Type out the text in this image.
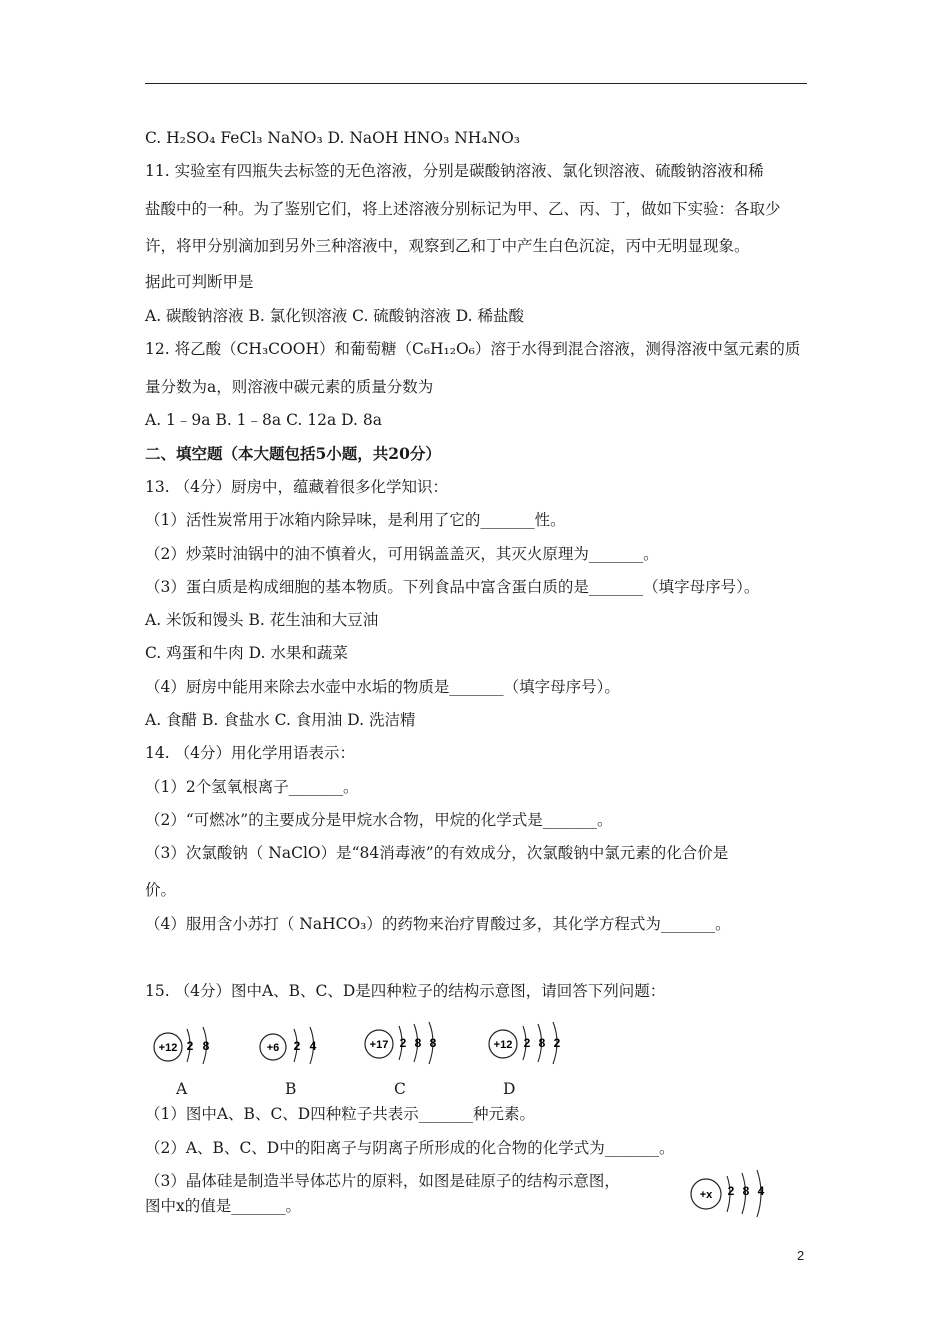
C. H₂SO₄ FeCl₃ NaNO₃ D. NaOH HNO₃ NH₄NO₃
11. 实验室有四瓶失去标签的无色溶液，分别是碳酸钠溶液、氯化钡溶液、硫酸钠溶液和稀
盐酸中的一种。为了鉴别它们，将上述溶液分别标记为甲、乙、丙、丁，做如下实验：各取少
许，将甲分别滴加到另外三种溶液中，观察到乙和丁中产生白色沉淀，丙中无明显现象。
据此可判断甲是
A. 碳酸钠溶液 B. 氯化钡溶液 C. 硫酸钠溶液 D. 稀盐酸
12. 将乙酸（CH₃COOH）和葡萄糖（C₆H₁₂O₆）溶于水得到混合溶液，测得溶液中氢元素的质
量分数为a，则溶液中碳元素的质量分数为
A. 1﹣9a B. 1﹣8a C. 12a D. 8a
二、填空题（本大题包括5小题，共20分）
13. （4分）厨房中，蕴藏着很多化学知识：
（1）活性炭常用于冰箱内除异味，是利用了它的_______性。
（2）炒菜时油锅中的油不慎着火，可用锅盖盖灭，其灭火原理为_______。
（3）蛋白质是构成细胞的基本物质。下列食品中富含蛋白质的是_______（填字母序号）。
A. 米饭和馒头 B. 花生油和大豆油
C. 鸡蛋和牛肉 D. 水果和蔬菜
（4）厨房中能用来除去水壶中水垢的物质是_______（填字母序号）。
A. 食醋 B. 食盐水 C. 食用油 D. 洗洁精
14. （4分）用化学用语表示：
（1）2个氢氧根离子_______。
（2）“可燃冰”的主要成分是甲烷水合物，甲烷的化学式是_______。
（3）次氯酸钠（ NaClO）是“84消毒液”的有效成分，次氯酸钠中氯元素的化合价是
价。
（4）服用含小苏打（ NaHCO₃）的药物来治疗胃酸过多，其化学方程式为_______。
15. （4分）图中A、B、C、D是四种粒子的结构示意图，请回答下列问题：
+12 2 8
A
+6 2 4
B
+17 2 8 8
C
+12 2 8 2
D
（1）图中A、B、C、D四种粒子共表示_______种元素。
（2）A、B、C、D中的阳离子与阴离子所形成的化合物的化学式为_______。
（3）晶体硅是制造半导体芯片的原料，如图是硅原子的结构示意图，
图中x的值是_______。
+x 2 8 4
2
